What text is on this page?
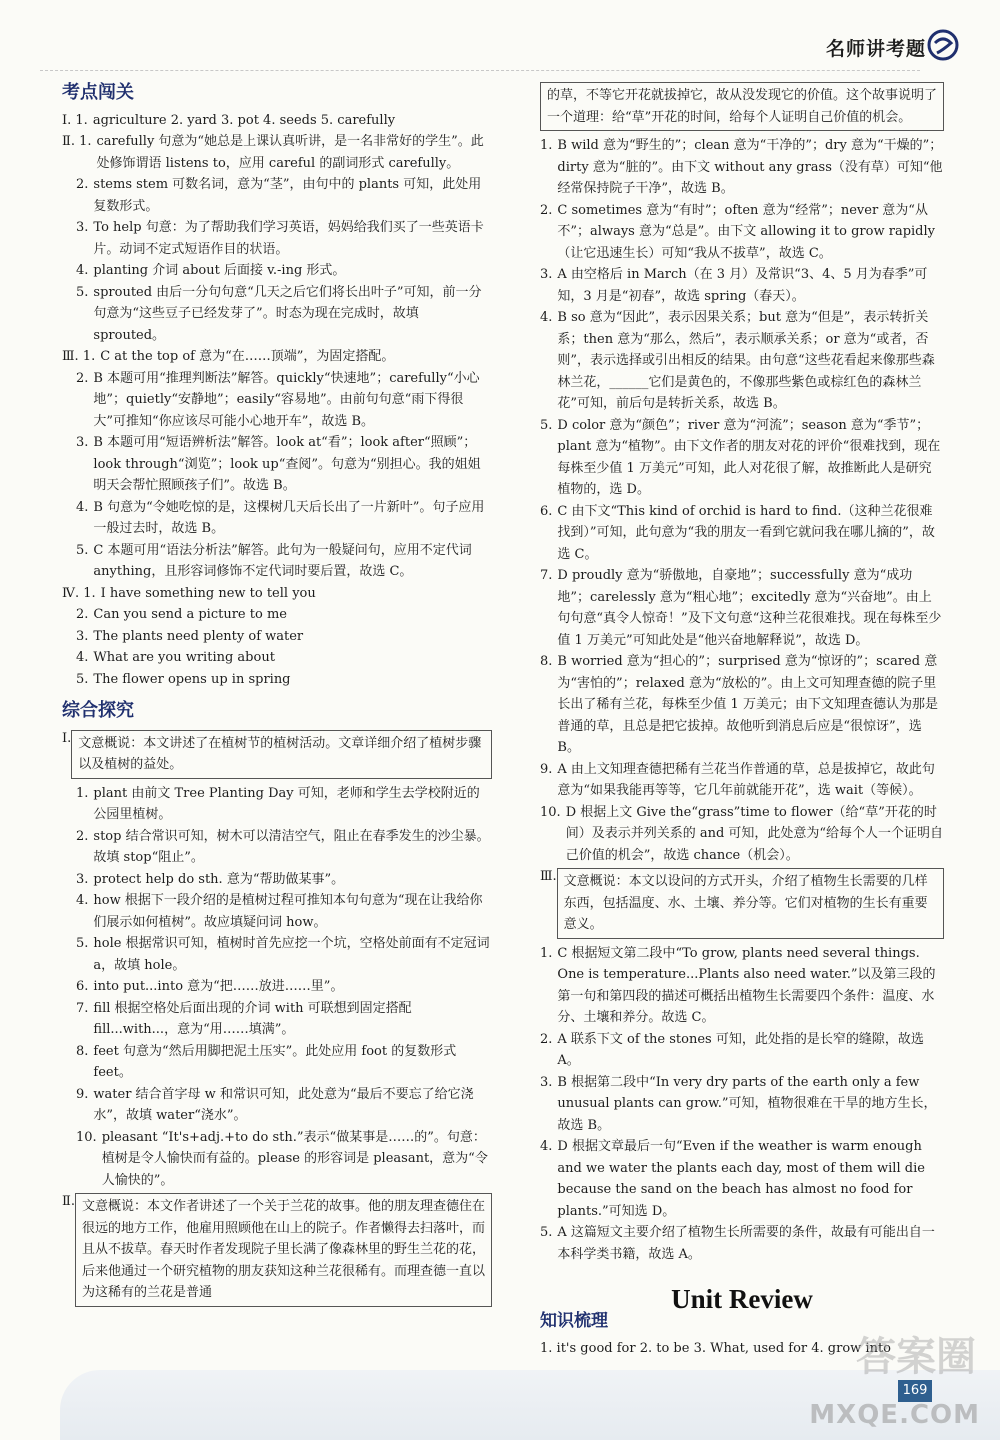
名师讲考题
考点闯关
Ⅰ. 1. agriculture 2. yard 3. pot 4. seeds 5. carefully
Ⅱ. 1. carefully 句意为“她总是上课认真听讲，是一名非常好的学生”。此处修饰谓语 listens to，应用 careful 的副词形式 carefully。
2. stems stem 可数名词，意为“茎”，由句中的 plants 可知，此处用复数形式。
3. To help 句意：为了帮助我们学习英语，妈妈给我们买了一些英语卡片。动词不定式短语作目的状语。
4. planting 介词 about 后面接 v.-ing 形式。
5. sprouted 由后一分句句意“几天之后它们将长出叶子”可知，前一分句意为“这些豆子已经发芽了”。时态为现在完成时，故填 sprouted。
Ⅲ. 1. C at the top of 意为“在……顶端”，为固定搭配。
2. B 本题可用“推理判断法”解答。quickly“快速地”；carefully“小心地”；quietly“安静地”；easily“容易地”。由前句句意“雨下得很大”可推知“你应该尽可能小心地开车”，故选 B。
3. B 本题可用“短语辨析法”解答。look at“看”；look after“照顾”；look through“浏览”；look up“查阅”。句意为“别担心。我的姐姐明天会帮忙照顾孩子们”。故选 B。
4. B 句意为“令她吃惊的是，这棵树几天后长出了一片新叶”。句子应用一般过去时，故选 B。
5. C 本题可用“语法分析法”解答。此句为一般疑问句，应用不定代词 anything，且形容词修饰不定代词时要后置，故选 C。
Ⅳ. 1. I have something new to tell you
2. Can you send a picture to me
3. The plants need plenty of water
4. What are you writing about
5. The flower opens up in spring
综合探究
Ⅰ. 文意概说：本文讲述了在植树节的植树活动。文章详细介绍了植树步骤以及植树的益处。
1. plant 由前文 Tree Planting Day 可知，老师和学生去学校附近的公园里植树。
2. stop 结合常识可知，树木可以清洁空气，阻止在春季发生的沙尘暴。故填 stop“阻止”。
3. protect help do sth. 意为“帮助做某事”。
4. how 根据下一段介绍的是植树过程可推知本句句意为“现在让我给你们展示如何植树”。故应填疑问词 how。
5. hole 根据常识可知，植树时首先应挖一个坑，空格处前面有不定冠词 a，故填 hole。
6. into put...into 意为“把……放进……里”。
7. fill 根据空格处后面出现的介词 with 可联想到固定搭配 fill...with...，意为“用……填满”。
8. feet 句意为“然后用脚把泥土压实”。此处应用 foot 的复数形式 feet。
9. water 结合首字母 w 和常识可知，此处意为“最后不要忘了给它浇水”，故填 water“浇水”。
10. pleasant “It's+adj.+to do sth.”表示“做某事是……的”。句意：植树是令人愉快而有益的。please 的形容词是 pleasant，意为“令人愉快的”。
Ⅱ. 文意概说：本文作者讲述了一个关于兰花的故事。他的朋友理查德住在很远的地方工作，他雇用照顾他在山上的院子。作者懒得去扫落叶，而且从不拔草。春天时作者发现院子里长满了像森林里的野生兰花的花，后来他通过一个研究植物的朋友获知这种兰花很稀有。而理查德一直以为这稀有的兰花是普通
的草，不等它开花就拔掉它，故从没发现它的价值。这个故事说明了一个道理：给“草”开花的时间，给每个人证明自己价值的机会。
1. B wild 意为“野生的”；clean 意为“干净的”；dry 意为“干燥的”；dirty 意为“脏的”。由下文 without any grass（没有草）可知“他经常保持院子干净”，故选 B。
2. C sometimes 意为“有时”；often 意为“经常”；never 意为“从不”；always 意为“总是”。由下文 allowing it to grow rapidly（让它迅速生长）可知“我从不拔草”，故选 C。
3. A 由空格后 in March（在 3 月）及常识“3、4、5 月为春季”可知，3 月是“初春”，故选 spring（春天）。
4. B so 意为“因此”，表示因果关系；but 意为“但是”，表示转折关系；then 意为“那么，然后”，表示顺承关系；or 意为“或者，否则”，表示选择或引出相反的结果。由句意“这些花看起来像那些森林兰花，______它们是黄色的，不像那些紫色或棕红色的森林兰花”可知，前后句是转折关系，故选 B。
5. D color 意为“颜色”；river 意为“河流”；season 意为“季节”；plant 意为“植物”。由下文作者的朋友对花的评价“很难找到，现在每株至少值 1 万美元”可知，此人对花很了解，故推断此人是研究植物的，选 D。
6. C 由下文“This kind of orchid is hard to find.（这种兰花很难找到）”可知，此句意为“我的朋友一看到它就问我在哪儿摘的”，故选 C。
7. D proudly 意为“骄傲地，自豪地”；successfully 意为“成功地”；carelessly 意为“粗心地”；excitedly 意为“兴奋地”。由上句句意“真令人惊奇！”及下文句意“这种兰花很难找。现在每株至少值 1 万美元”可知此处是“他兴奋地解释说”，故选 D。
8. B worried 意为“担心的”；surprised 意为“惊讶的”；scared 意为“害怕的”；relaxed 意为“放松的”。由上文可知理查德的院子里长出了稀有兰花，每株至少值 1 万美元；由下文知理查德认为那是普通的草，且总是把它拔掉。故他听到消息后应是“很惊讶”，选 B。
9. A 由上文知理查德把稀有兰花当作普通的草，总是拔掉它，故此句意为“如果我能再等等，它几年前就能开花”，选 wait（等候）。
10. D 根据上文 Give the“grass”time to flower（给“草”开花的时间）及表示并列关系的 and 可知，此处意为“给每个人一个证明自己价值的机会”，故选 chance（机会）。
Ⅲ. 文意概说：本文以设问的方式开头，介绍了植物生长需要的几样东西，包括温度、水、土壤、养分等。它们对植物的生长有重要意义。
1. C 根据短文第二段中“To grow, plants need several things. One is temperature...Plants also need water.”以及第三段的第一句和第四段的描述可概括出植物生长需要四个条件：温度、水分、土壤和养分。故选 C。
2. A 联系下文 of the stones 可知，此处指的是长窄的缝隙，故选 A。
3. B 根据第二段中“In very dry parts of the earth only a few unusual plants can grow.”可知，植物很难在干旱的地方生长，故选 B。
4. D 根据文章最后一句“Even if the weather is warm enough and we water the plants each day, most of them will die because the sand on the beach has almost no food for plants.”可知选 D。
5. A 这篇短文主要介绍了植物生长所需要的条件，故最有可能出自一本科学类书籍，故选 A。
Unit Review
知识梳理
1. it's good for 2. to be 3. What, used for 4. grow into
答案圈
169
MXQE.COM
